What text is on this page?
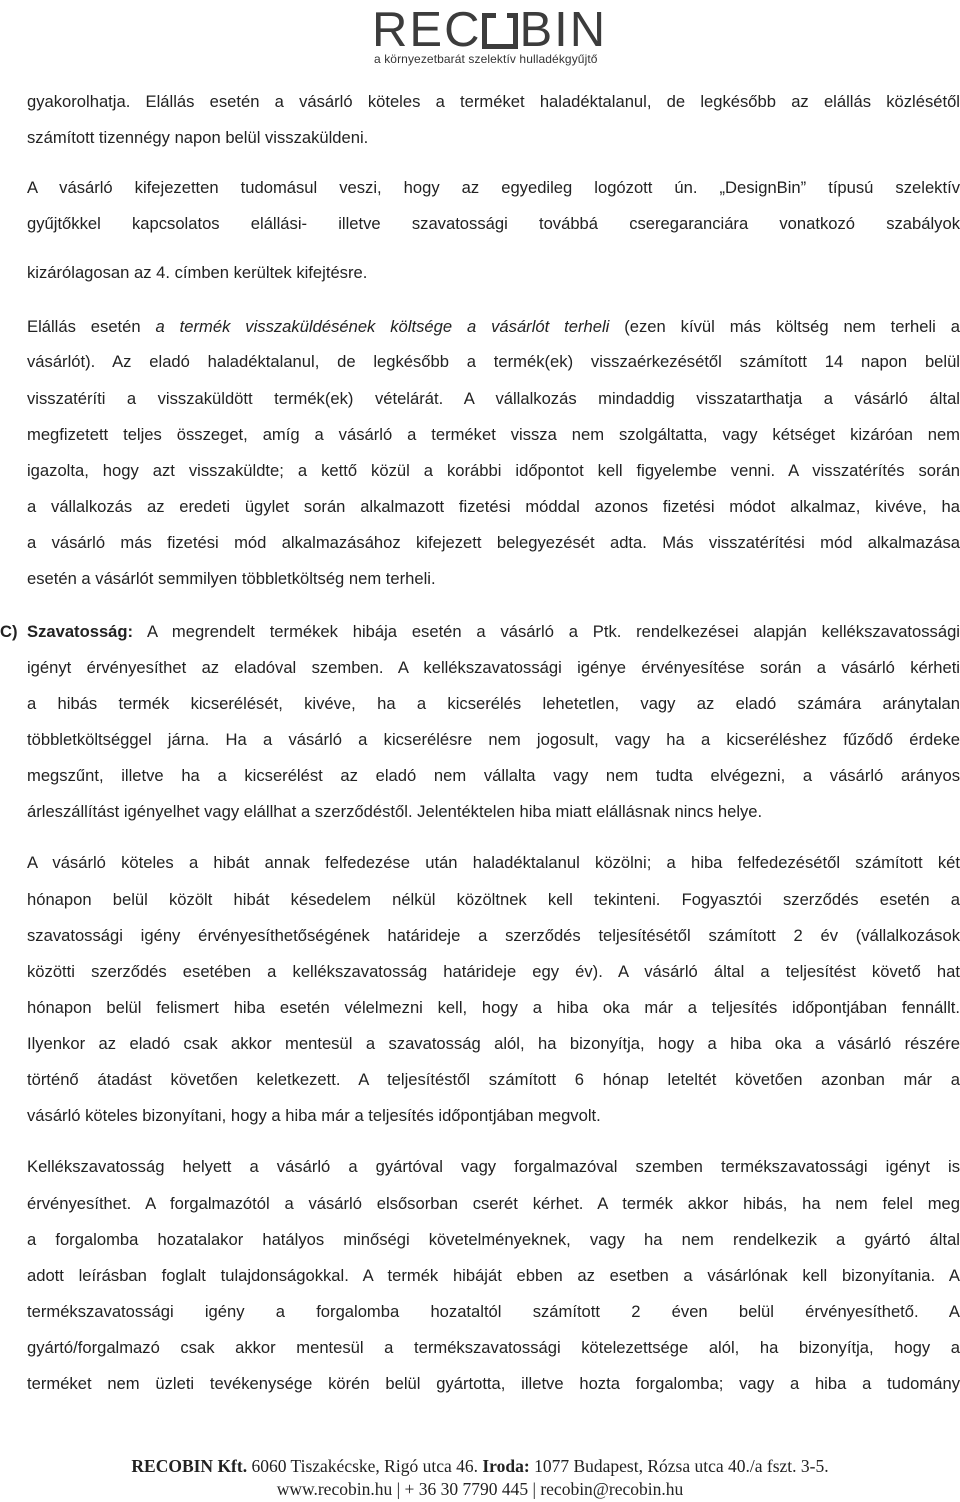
REC BIN
a környezetbarát szelektív hulladékgyűjtő
gyakorolhatja. Elállás esetén a vásárló köteles a terméket haladéktalanul, de legkésőbb az elállás közlésétől
számított tizennégy napon belül visszaküldeni.
A vásárló kifejezetten tudomásul veszi, hogy az egyedileg logózott ún. „DesignBin” típusú szelektív
gyűjtőkkel kapcsolatos elállási- illetve szavatossági továbbá cseregaranciára vonatkozó szabályok
kizárólagosan az 4. címben kerültek kifejtésre.
Elállás esetén a termék visszaküldésének költsége a vásárlót terheli (ezen kívül más költség nem terheli a
vásárlót). Az eladó haladéktalanul, de legkésőbb a termék(ek) visszaérkezésétől számított 14 napon belül
visszatéríti a visszaküldött termék(ek) vételárát. A vállalkozás mindaddig visszatarthatja a vásárló által
megfizetett teljes összeget, amíg a vásárló a terméket vissza nem szolgáltatta, vagy kétséget kizáróan nem
igazolta, hogy azt visszaküldte; a kettő közül a korábbi időpontot kell figyelembe venni. A visszatérítés során
a vállalkozás az eredeti ügylet során alkalmazott fizetési móddal azonos fizetési módot alkalmaz, kivéve, ha
a vásárló más fizetési mód alkalmazásához kifejezett belegyezését adta. Más visszatérítési mód alkalmazása
esetén a vásárlót semmilyen többletköltség nem terheli.
C) Szavatosság: A megrendelt termékek hibája esetén a vásárló a Ptk. rendelkezései alapján kellékszavatossági
igényt érvényesíthet az eladóval szemben. A kellékszavatossági igénye érvényesítése során a vásárló kérheti
a hibás termék kicserélését, kivéve, ha a kicserélés lehetetlen, vagy az eladó számára aránytalan
többletköltséggel járna. Ha a vásárló a kicserélésre nem jogosult, vagy ha a kicseréléshez fűződő érdeke
megszűnt, illetve ha a kicserélést az eladó nem vállalta vagy nem tudta elvégezni, a vásárló arányos
árleszállítást igényelhet vagy elállhat a szerződéstől. Jelentéktelen hiba miatt elállásnak nincs helye.
A vásárló köteles a hibát annak felfedezése után haladéktalanul közölni; a hiba felfedezésétől számított két
hónapon belül közölt hibát késedelem nélkül közöltnek kell tekinteni. Fogyasztói szerződés esetén a
szavatossági igény érvényesíthetőségének határideje a szerződés teljesítésétől számított 2 év (vállalkozások
közötti szerződés esetében a kellékszavatosság határideje egy év). A vásárló által a teljesítést követő hat
hónapon belül felismert hiba esetén vélelmezni kell, hogy a hiba oka már a teljesítés időpontjában fennállt.
Ilyenkor az eladó csak akkor mentesül a szavatosság alól, ha bizonyítja, hogy a hiba oka a vásárló részére
történő átadást követően keletkezett. A teljesítéstől számított 6 hónap leteltét követően azonban már a
vásárló köteles bizonyítani, hogy a hiba már a teljesítés időpontjában megvolt.
Kellékszavatosság helyett a vásárló a gyártóval vagy forgalmazóval szemben termékszavatossági igényt is
érvényesíthet. A forgalmazótól a vásárló elsősorban cserét kérhet. A termék akkor hibás, ha nem felel meg
a forgalomba hozatalakor hatályos minőségi követelményeknek, vagy ha nem rendelkezik a gyártó által
adott leírásban foglalt tulajdonságokkal. A termék hibáját ebben az esetben a vásárlónak kell bizonyítania. A
termékszavatossági igény a forgalomba hozataltól számított 2 éven belül érvényesíthető. A
gyártó/forgalmazó csak akkor mentesül a termékszavatossági kötelezettsége alól, ha bizonyítja, hogy a
terméket nem üzleti tevékenysége körén belül gyártotta, illetve hozta forgalomba; vagy a hiba a tudomány
RECOBIN Kft. 6060 Tiszakécske, Rigó utca 46. Iroda: 1077 Budapest, Rózsa utca 40./a fszt. 3-5.
www.recobin.hu | + 36 30 7790 445 | recobin@recobin.hu
